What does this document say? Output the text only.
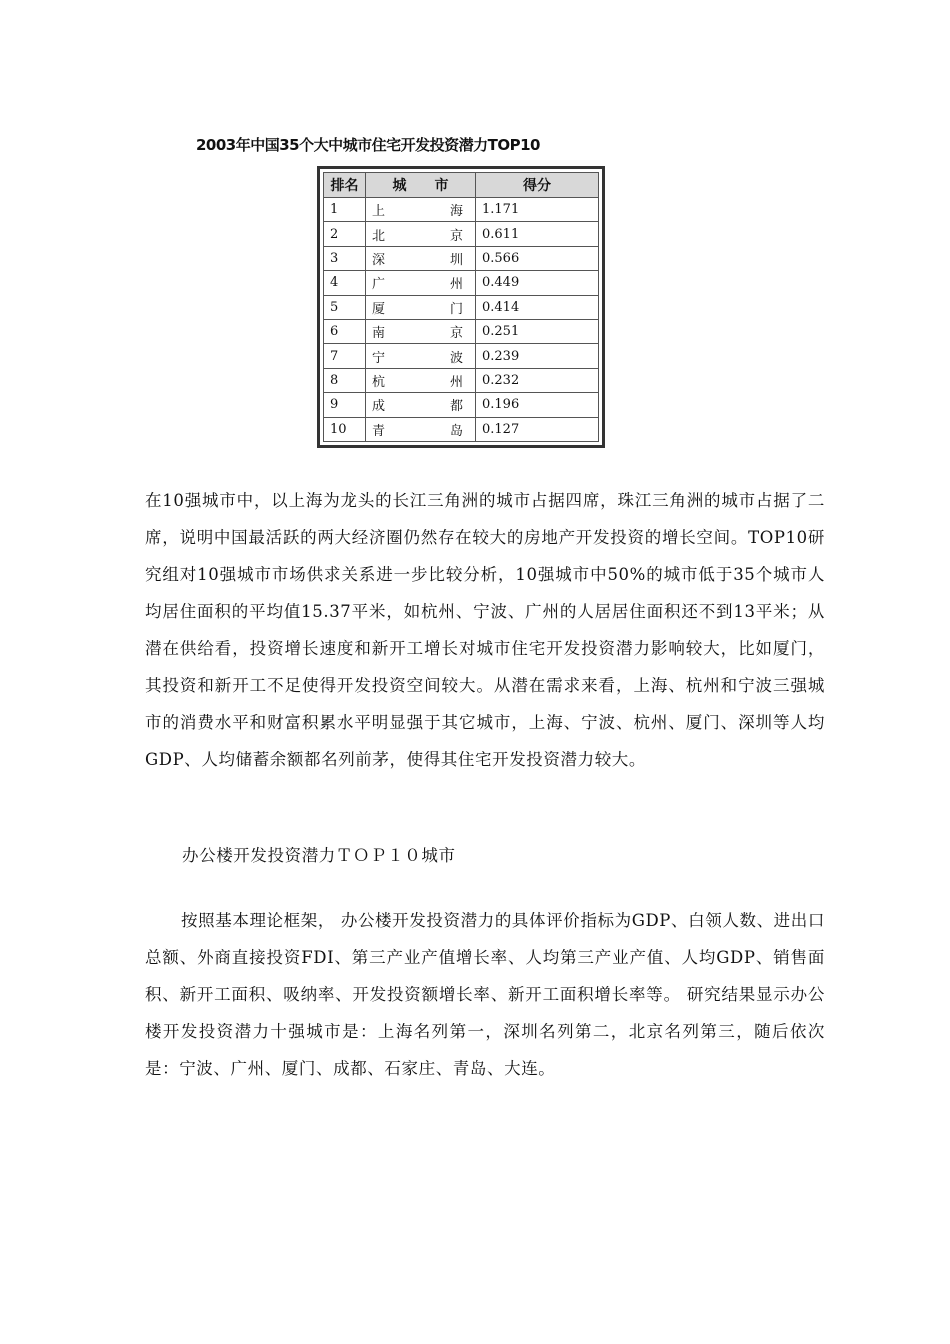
2003年中国35个大中城市住宅开发投资潜力TOP10
排名	城　　市	得分
1	上 海	1.171
2	北 京	0.611
3	深 圳	0.566
4	广 州	0.449
5	厦 门	0.414
6	南 京	0.251
7	宁 波	0.239
8	杭 州	0.232
9	成 都	0.196
10	青 岛	0.127
在10强城市中，以上海为龙头的长江三角洲的城市占据四席，珠江三角洲的城市占据了二席，说明中国最活跃的两大经济圈仍然存在较大的房地产开发投资的增长空间。TOP10研究组对10强城市市场供求关系进一步比较分析，10强城市中50%的城市低于35个城市人均居住面积的平均值15.37平米，如杭州、宁波、广州的人居居住面积还不到13平米；从潜在供给看，投资增长速度和新开工增长对城市住宅开发投资潜力影响较大，比如厦门，其投资和新开工不足使得开发投资空间较大。从潜在需求来看，上海、杭州和宁波三强城市的消费水平和财富积累水平明显强于其它城市，上海、宁波、杭州、厦门、深圳等人均GDP、人均储蓄余额都名列前茅，使得其住宅开发投资潜力较大。
办公楼开发投资潜力ＴＯＰ１０城市
按照基本理论框架， 办公楼开发投资潜力的具体评价指标为GDP、白领人数、进出口总额、外商直接投资FDI、第三产业产值增长率、人均第三产业产值、人均GDP、销售面积、新开工面积、吸纳率、开发投资额增长率、新开工面积增长率等。 研究结果显示办公楼开发投资潜力十强城市是：上海名列第一，深圳名列第二，北京名列第三，随后依次是：宁波、广州、厦门、成都、石家庄、青岛、大连。
